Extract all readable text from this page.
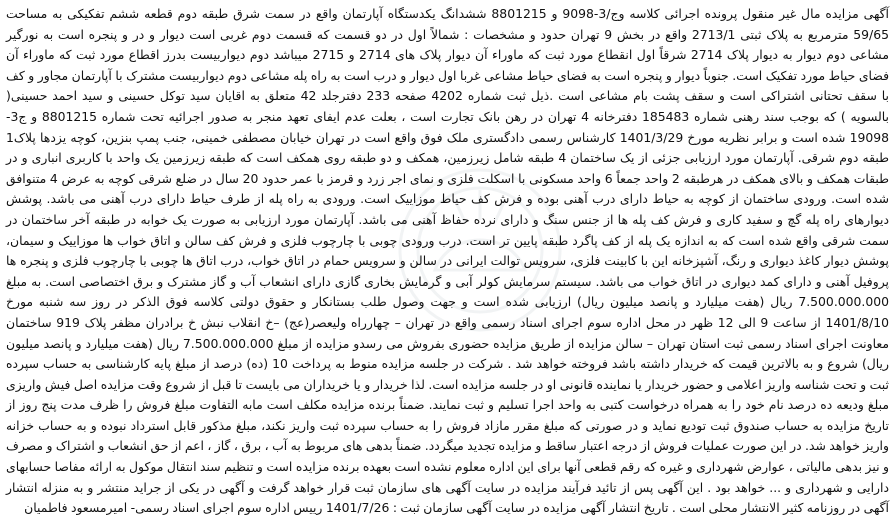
آگهی مزایده مال غیر منقول پرونده اجرائی کلاسه وج/3-9098 و 8801215 ششدانگ یکدستگاه آپارتمان واقع در سمت شرق طبقه دوم قطعه ششم تفکیکی به مساحت 59/65 مترمربع به پلاک ثبتی 2713/1 واقع در بخش 9 تهران حدود و مشخصات : شمالاً اول در دو قسمت که قسمت دوم غربی است دیوار و در و پنجره است به نورگیر مشاعی دوم دیوار به دیوار پلاک 2714 شرقاً اول انقطاع مورد ثبت که ماوراء آن دیوار پلاک های 2714 و 2715 میباشد دوم دیواربیست بدرز اقطاع مورد ثبت که ماوراء آن فضای حیاط مورد تفکیک است. جنوباً دیوار و پنجره است به فضای حیاط مشاعی غربا اول دیوار و درب است به راه پله مشاعی دوم دیواربیست مشترک با آپارتمان مجاور و کف با سقف تحتانی اشتراکی است و سقف پشت بام مشاعی است .ذیل ثبت شماره 4202 صفحه 233 دفترجلد 42 متعلق به اقایان سید توکل حسینی و سید احمد حسینی( بالسویه ) که بوجب سند رهنی شماره 185483 دفترخانه 4 تهران در رهن بانک تجارت است ، بعلت عدم ایفای تعهد منجر به صدور اجرائیه تحت شماره 8801215 و ج3-19098 شده است و برابر نظریه مورخ 1401/3/29 کارشناس رسمی دادگستری ملک فوق واقع است در تهران خیابان مصطفی خمینی، جنب پمپ بنزین، کوچه یزدها پلاک1 طبقه دوم شرقی. آپارتمان مورد ارزیابی جزئی از یک ساختمان 4 طبقه شامل زیرزمین، همکف و دو طبقه روی همکف است که طبقه زیرزمین یک واحد با کاربری انباری و در طبقات همکف و بالای همکف در هرطبقه 2 واحد جمعاً 6 واحد مسکونی با اسکلت فلزی و نمای اجر زرد و قرمز با عمر حدود 20 سال در ضلع شرقی کوچه به عرض 4 متنوافق شده است. ورودی ساختمان از کوچه به حیاط دارای درب آهنی بوده و فرش کف حیاط موزاییک است. ورودی به راه پله از طرف حیاط دارای درب آهنی می باشد. پوشش دیوارهای راه پله گچ و سفید کاری و فرش کف پله ها از جنس سنگ و دارای نرده حفاظ آهنی می باشد. آپارتمان مورد ارزیابی به صورت یک خوابه در طبقه آخر ساختمان در سمت شرقی واقع شده است که به اندازه یک پله از کف پاگرد طبقه پایین تر است. درب ورودی چوبی با چارچوب فلزی و فرش کف سالن و اتاق خواب ها موزاییک و سیمان، پوشش دیوار کاغذ دیواری و رنگ، آشپزخانه این با کابینت فلزی، سرویس توالت ایرانی در سالن و سرویس حمام در اتاق خواب، درب اتاق ها چوبی با چارچوب فلزی و پنجره ها پروفیل آهنی و دارای کمد دیواری در اتاق خواب می باشد. سیستم سرمایش کولر آبی و گرمایش بخاری گازی دارای انشعاب آب و گاز مشترک و برق اختصاصی است. به مبلغ 7.500.000.000 ریال (هفت میلیارد و پانصد میلیون ریال) ارزیابی شده است و جهت وصول طلب بستانکار و حقوق دولتی کلاسه فوق الذکر در روز سه شنبه مورخ 1401/8/10 از ساعت 9 الی 12 ظهر در محل اداره سوم اجرای اسناد رسمی واقع در تهران – چهارراه ولیعصر(عج) –خ انقلاب نبش خ برادران مظفر پلاک 919 ساختمان معاونت اجرای اسناد رسمی ثبت استان تهران – سالن مزایده از طریق مزایده حضوری بفروش می رسدو مزایده از مبلغ 7.500.000.000 ریال (هفت میلیارد و پانصد میلیون ریال) شروع و به بالاترین قیمت که خریدار داشته باشد فروخته خواهد شد . شرکت در جلسه مزایده منوط به پرداخت 10 (ده) درصد از مبلغ پایه کارشناسی به حساب سپرده ثبت و تحت شناسه واریز اعلامی و حضور خریدار یا نماینده قانونی او در جلسه مزایده است. لذا خریدار و یا خریداران می بایست تا قبل از شروع وقت مزایده اصل فیش واریزی مبلغ ودیعه ده درصد نام خود را به همراه درخواست کتبی به واحد اجرا تسلیم و ثبت نمایند. ضمناً برنده مزایده مکلف است مابه التفاوت مبلغ فروش را ظرف مدت پنج روز از تاریخ مزایده به حساب صندوق ثبت تودیع نماید و در صورتی که مبلغ مقرر مازاد فروش را به حساب سپرده ثبت واریز نکند، مبلغ مذکور قابل استرداد نبوده و به حساب خزانه واریز خواهد شد. در این صورت عملیات فروش از درجه اعتبار ساقط و مزایده تجدید میگردد. ضمناً بدهی های مربوط به آب ، برق ، گاز ، اعم از حق انشعاب و اشتراک و مصرف و نیز بدهی مالیاتی ، عوارض شهرداری و غیره که رقم قطعی آنها برای این اداره معلوم نشده است بعهده برنده مزایده است و تنظیم سند انتقال موکول به ارائه مفاصا حسابهای دارایی و شهرداری و ... خواهد بود . این آگهی پس از تائید فرآیند مزایده در سایت آگهی های سازمان ثبت قرار خواهد گرفت و آگهی در یکی از جراید منتشر و به منزله انتشار آگهی در روزنامه کثیر الانتشار محلی است . تاریخ انتشار آگهی مزایده در سایت آگهی سازمان ثبت : 1401/7/26 رییس اداره سوم اجرای اسناد رسمی- امیرمسعود فاطمیان
